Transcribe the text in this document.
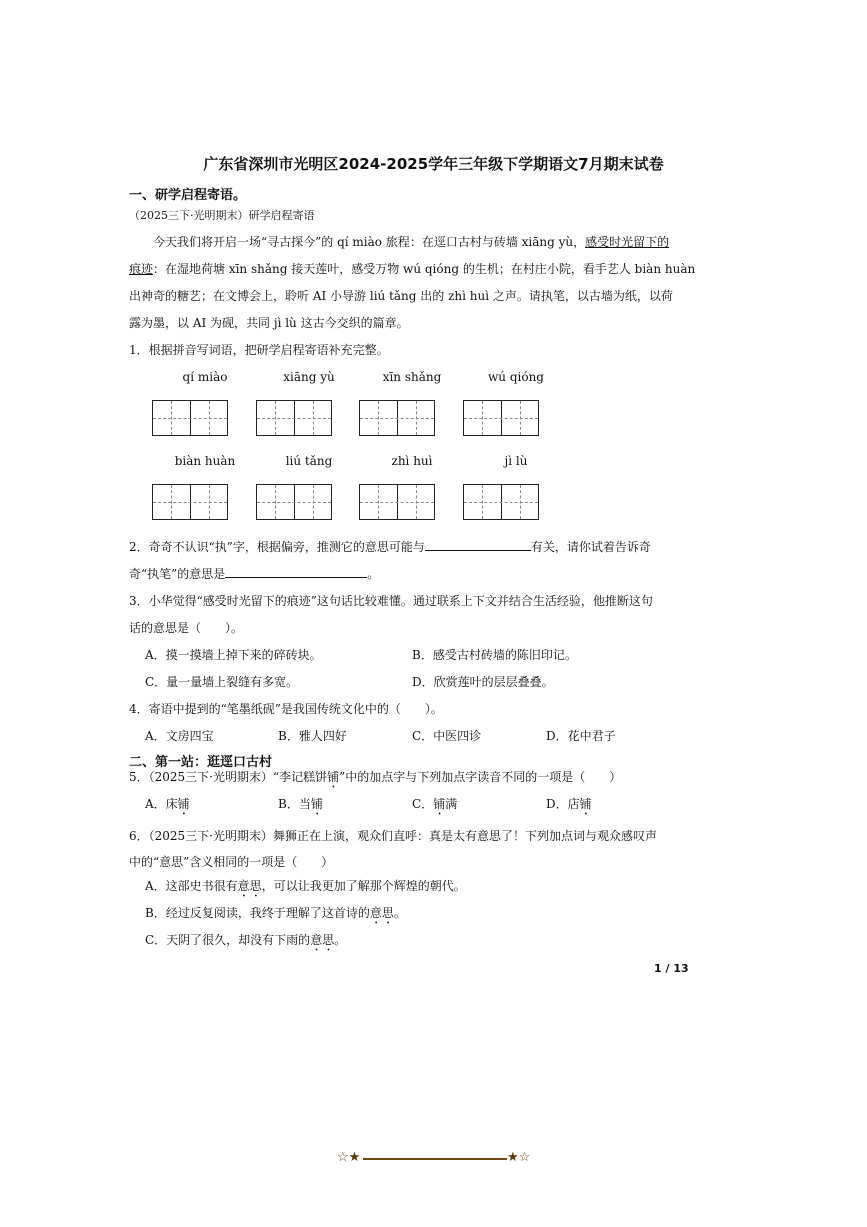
广东省深圳市光明区2024-2025学年三年级下学期语文7月期末试卷
一、研学启程寄语。
（2025三下·光明期末）研学启程寄语
今天我们将开启一场“寻古探今”的 qí miào 旅程：在逕口古村与砖墙 xiāng yù，感受时光留下的
痕迹：在湿地荷塘 xīn shǎng 接天莲叶，感受万物 wú qióng 的生机；在村庄小院，看手艺人 biàn huàn
出神奇的糖艺；在文博会上，聆听 AI 小导游 liú tǎng 出的 zhì huì 之声。请执笔，以古墙为纸，以荷
露为墨，以 AI 为砚，共同 jì lù 这古今交织的篇章。
1．根据拼音写词语，把研学启程寄语补充完整。
qí miào	xiāng yù	xīn shǎng	wú qióng
biàn huàn	liú tǎng	zhì huì	jì lù
2．奇奇不认识“执”字，根据偏旁，推测它的意思可能与	有关，请你试着告诉奇
奇“执笔”的意思是	。
3．小华觉得“感受时光留下的痕迹”这句话比较难懂。通过联系上下文并结合生活经验，他推断这句
话的意思是（　　）。
A．摸一摸墙上掉下来的碎砖块。	B．感受古村砖墙的陈旧印记。
C．量一量墙上裂缝有多宽。	D．欣赏莲叶的层层叠叠。
4．寄语中提到的“笔墨纸砚”是我国传统文化中的（　　）。
A．文房四宝	B．雅人四好	C．中医四诊	D．花中君子
二、第一站：逛逕口古村
5．（2025三下·光明期末）“李记糕饼铺”中的加点字与下列加点字读音不同的一项是（　　）
A．床铺	B．当铺	C．铺满	D．店铺
6．（2025三下·光明期末）舞狮正在上演，观众们直呼：真是太有意思了！下列加点词与观众感叹声
中的“意思”含义相同的一项是（　　）
A．这部史书很有意思，可以让我更加了解那个辉煌的朝代。
B．经过反复阅读，我终于理解了这首诗的意思。
C．天阴了很久，却没有下雨的意思。
1 / 13
☆★	★☆
